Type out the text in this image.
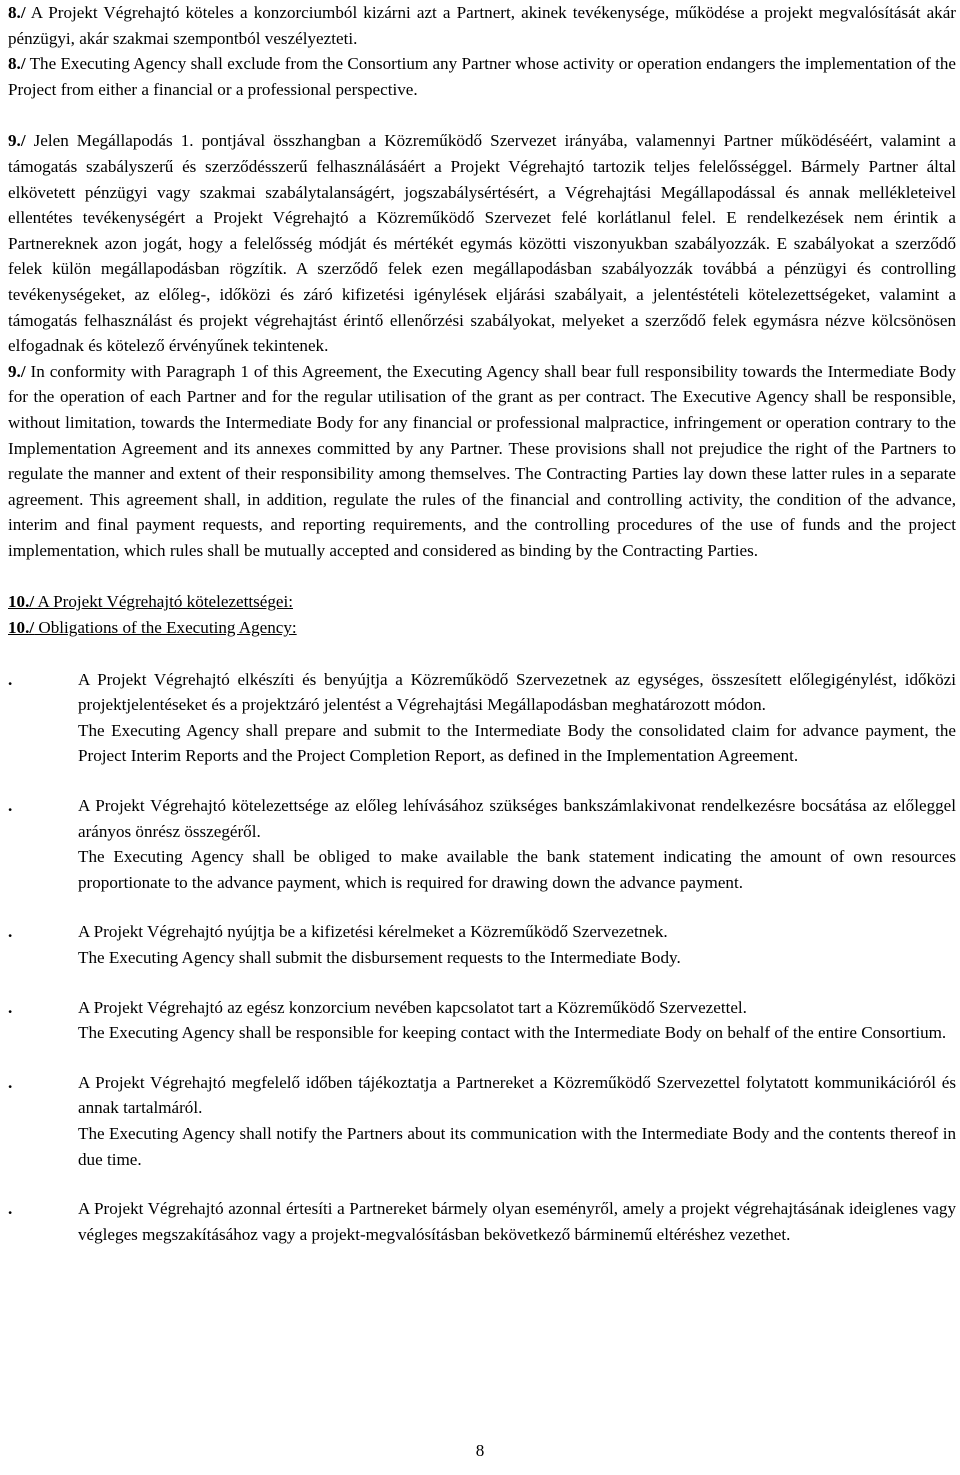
8./ A Projekt Végrehajtó köteles a konzorciumból kizárni azt a Partnert, akinek tevékenysége, működése a projekt megvalósítását akár pénzügyi, akár szakmai szempontból veszélyezteti.

8./ The Executing Agency shall exclude from the Consortium any Partner whose activity or operation endangers the implementation of the Project from either a financial or a professional perspective.

9./ Jelen Megállapodás 1. pontjával összhangban a Közreműködő Szervezet irányába, valamennyi Partner működéséért, valamint a támogatás szabályszerű és szerződésszerű felhasználásáért a Projekt Végrehajtó tartozik teljes felelősséggel. Bármely Partner által elkövetett pénzügyi vagy szakmai szabálytalanságért, jogszabálysértésért, a Végrehajtási Megállapodással és annak mellékleteivel ellentétes tevékenységért a Projekt Végrehajtó a Közreműködő Szervezet felé korlátlanul felel. E rendelkezések nem érintik a Partnereknek azon jogát, hogy a felelősség módját és mértékét egymás közötti viszonyukban szabályozzák. E szabályokat a szerződő felek külön megállapodásban rögzítik. A szerződő felek ezen megállapodásban szabályozzák továbbá a pénzügyi és controlling tevékenységeket, az előleg-, időközi és záró kifizetési igénylések eljárási szabályait, a jelentéstételi kötelezettségeket, valamint a támogatás felhasználást és projekt végrehajtást érintő ellenőrzési szabályokat, melyeket a szerződő felek egymásra nézve kölcsönösen elfogadnak és kötelező érvényűnek tekintenek.

9./ In conformity with Paragraph 1 of this Agreement, the Executing Agency shall bear full responsibility towards the Intermediate Body for the operation of each Partner and for the regular utilisation of the grant as per contract. The Executive Agency shall be responsible, without limitation, towards the Intermediate Body for any financial or professional malpractice, infringement or operation contrary to the Implementation Agreement and its annexes committed by any Partner. These provisions shall not prejudice the right of the Partners to regulate the manner and extent of their responsibility among themselves. The Contracting Parties lay down these latter rules in a separate agreement. This agreement shall, in addition, regulate the rules of the financial and controlling activity, the condition of the advance, interim and final payment requests, and reporting requirements, and the controlling procedures of the use of funds and the project implementation, which rules shall be mutually accepted and considered as binding by the Contracting Parties.

10./ A Projekt Végrehajtó kötelezettségei:

10./ Obligations of the Executing Agency:

.	A Projekt Végrehajtó elkészíti és benyújtja a Közreműködő Szervezetnek az egységes, összesített előlegigénylést, időközi projektjelentéseket és a projektzáró jelentést a Végrehajtási Megállapodásban meghatározott módon.

The Executing Agency shall prepare and submit to the Intermediate Body the consolidated claim for advance payment, the Project Interim Reports and the Project Completion Report, as defined in the Implementation Agreement.

.	A Projekt Végrehajtó kötelezettsége az előleg lehívásához szükséges bankszámlakivonat rendelkezésre bocsátása az előleggel arányos önrész összegéről.

The Executing Agency shall be obliged to make available the bank statement indicating the amount of own resources proportionate to the advance payment, which is required for drawing down the advance payment.

.	A Projekt Végrehajtó nyújtja be a kifizetési kérelmeket a Közreműködő Szervezetnek.

The Executing Agency shall submit the disbursement requests to the Intermediate Body.

.	A Projekt Végrehajtó az egész konzorcium nevében kapcsolatot tart a Közreműködő Szervezettel.

The Executing Agency shall be responsible for keeping contact with the Intermediate Body on behalf of the entire Consortium.

.	A Projekt Végrehajtó megfelelő időben tájékoztatja a Partnereket a Közreműködő Szervezettel folytatott kommunikációról és annak tartalmáról.

The Executing Agency shall notify the Partners about its communication with the Intermediate Body and the contents thereof in due time.

.	A Projekt Végrehajtó azonnal értesíti a Partnereket bármely olyan eseményről, amely a projekt végrehajtásának ideiglenes vagy végleges megszakításához vagy a projekt-megvalósításban bekövetkező bárminemű eltéréshez vezethet.

8
